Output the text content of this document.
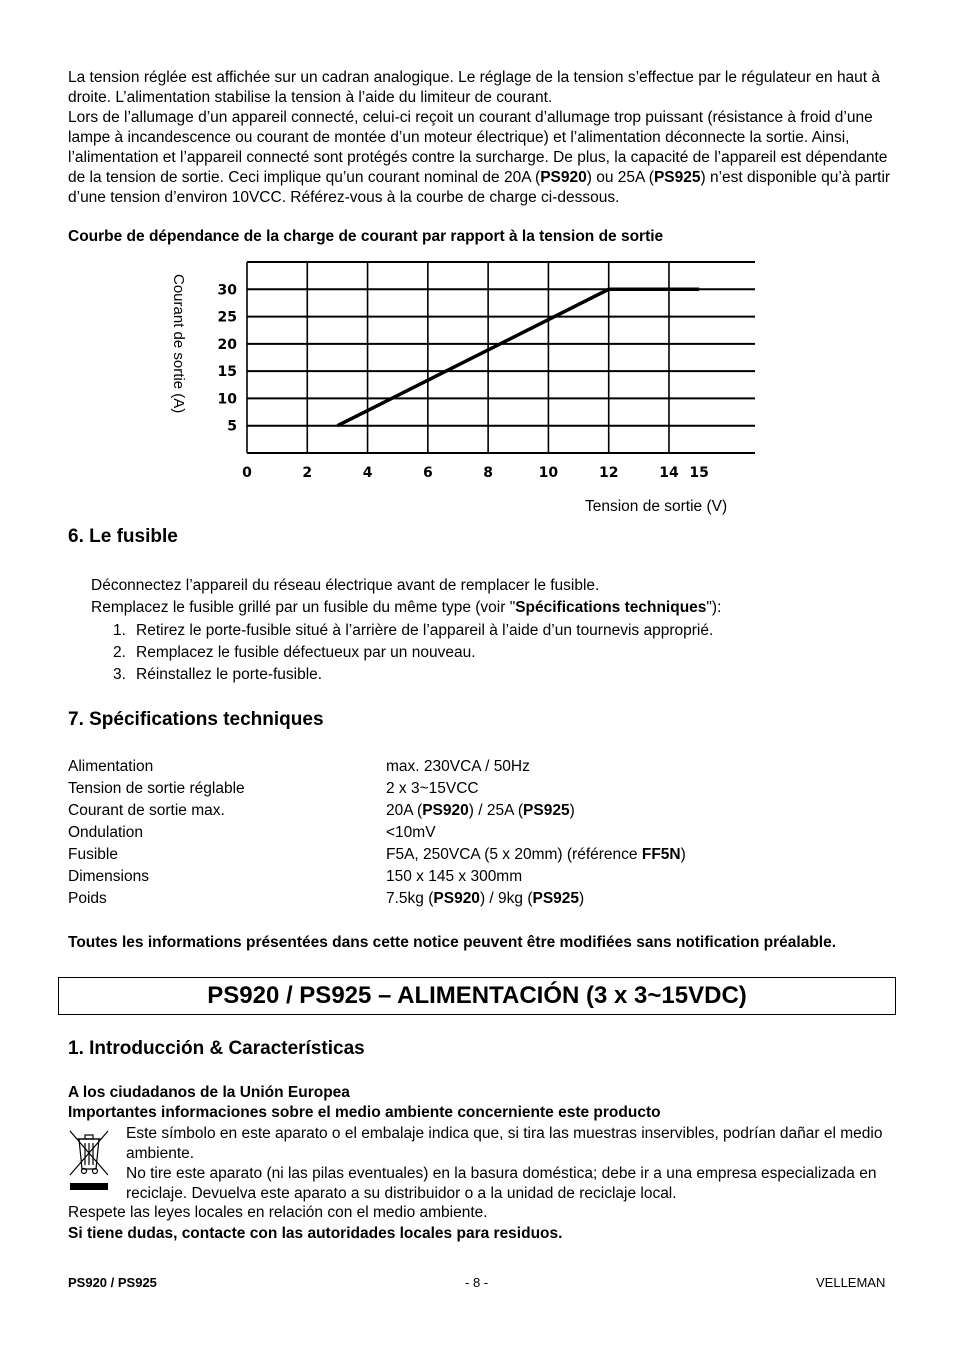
La tension réglée est affichée sur un cadran analogique. Le réglage de la tension s’effectue par le régulateur en haut à droite. L’alimentation stabilise la tension à l’aide du limiteur de courant.

Lors de l’allumage d’un appareil connecté, celui-ci reçoit un courant d’allumage trop puissant (résistance à froid d’une lampe à incandescence ou courant de montée d’un moteur électrique) et l’alimentation déconnecte la sortie. Ainsi, l’alimentation et l’appareil connecté sont protégés contre la surcharge. De plus, la capacité de l’appareil est dépendante de la tension de sortie. Ceci implique qu’un courant nominal de 20A (PS920) ou 25A (PS925) n’est disponible qu’à partir d’une tension d’environ 10VCC. Référez-vous à la courbe de charge ci-dessous.

Courbe de dépendance de la charge de courant par rapport à la tension de sortie
Courant de sortie (A)
0	2	4	6	8	10	12	14 15
5
10
15
20
25
30
Tension de sortie (V)
6. Le fusible

Déconnectez l’appareil du réseau électrique avant de remplacer le fusible.

Remplacez le fusible grillé par un fusible du même type (voir "Spécifications techniques"):

1. Retirez le porte-fusible situé à l’arrière de l’appareil à l’aide d’un tournevis approprié.
2. Remplacez le fusible défectueux par un nouveau.
3. Réinstallez le porte-fusible.
7. Spécifications techniques
Alimentation	max. 230VCA / 50Hz
Tension de sortie réglable	2 x 3~15VCC
Courant de sortie max.	20A (PS920) / 25A (PS925)
Ondulation	<10mV
Fusible	F5A, 250VCA (5 x 20mm) (référence FF5N)
Dimensions	150 x 145 x 300mm
Poids	7.5kg (PS920) / 9kg (PS925)
Toutes les informations présentées dans cette notice peuvent être modifiées sans notification préalable.
PS920 / PS925 – ALIMENTACIÓN (3 x 3~15VDC)
1. Introducción & Características
A los ciudadanos de la Unión Europea
Importantes informaciones sobre el medio ambiente concerniente este producto

Este símbolo en este aparato o el embalaje indica que, si tira las muestras inservibles, podrían dañar el medio ambiente.

No tire este aparato (ni las pilas eventuales) en la basura doméstica; debe ir a una empresa especializada en reciclaje. Devuelva este aparato a su distribuidor o a la unidad de reciclaje local.

Respete las leyes locales en relación con el medio ambiente.
Si tiene dudas, contacte con las autoridades locales para residuos.
PS920 / PS925	- 8 -	VELLEMAN
